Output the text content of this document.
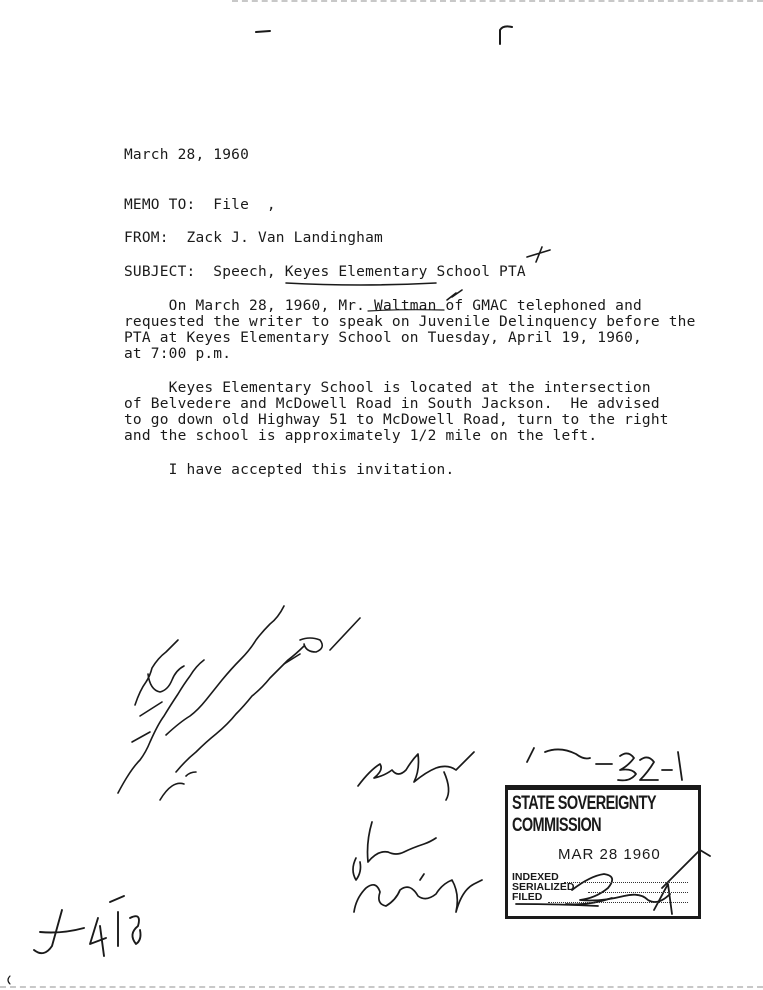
March 28, 1960
MEMO TO:  File  ,
FROM:  Zack J. Van Landingham
SUBJECT:  Speech, Keyes Elementary School PTA
On March 28, 1960, Mr. Waltman of GMAC telephoned and
requested the writer to speak on Juvenile Delinquency before the
PTA at Keyes Elementary School on Tuesday, April 19, 1960,
at 7:00 p.m.
Keyes Elementary School is located at the intersection
of Belvedere and McDowell Road in South Jackson.  He advised
to go down old Highway 51 to McDowell Road, turn to the right
and the school is approximately 1/2 mile on the left.
I have accepted this invitation.
STATE SOVEREIGNTY COMMISSION
MAR 28 1960
INDEXED
SERIALIZED
FILED
